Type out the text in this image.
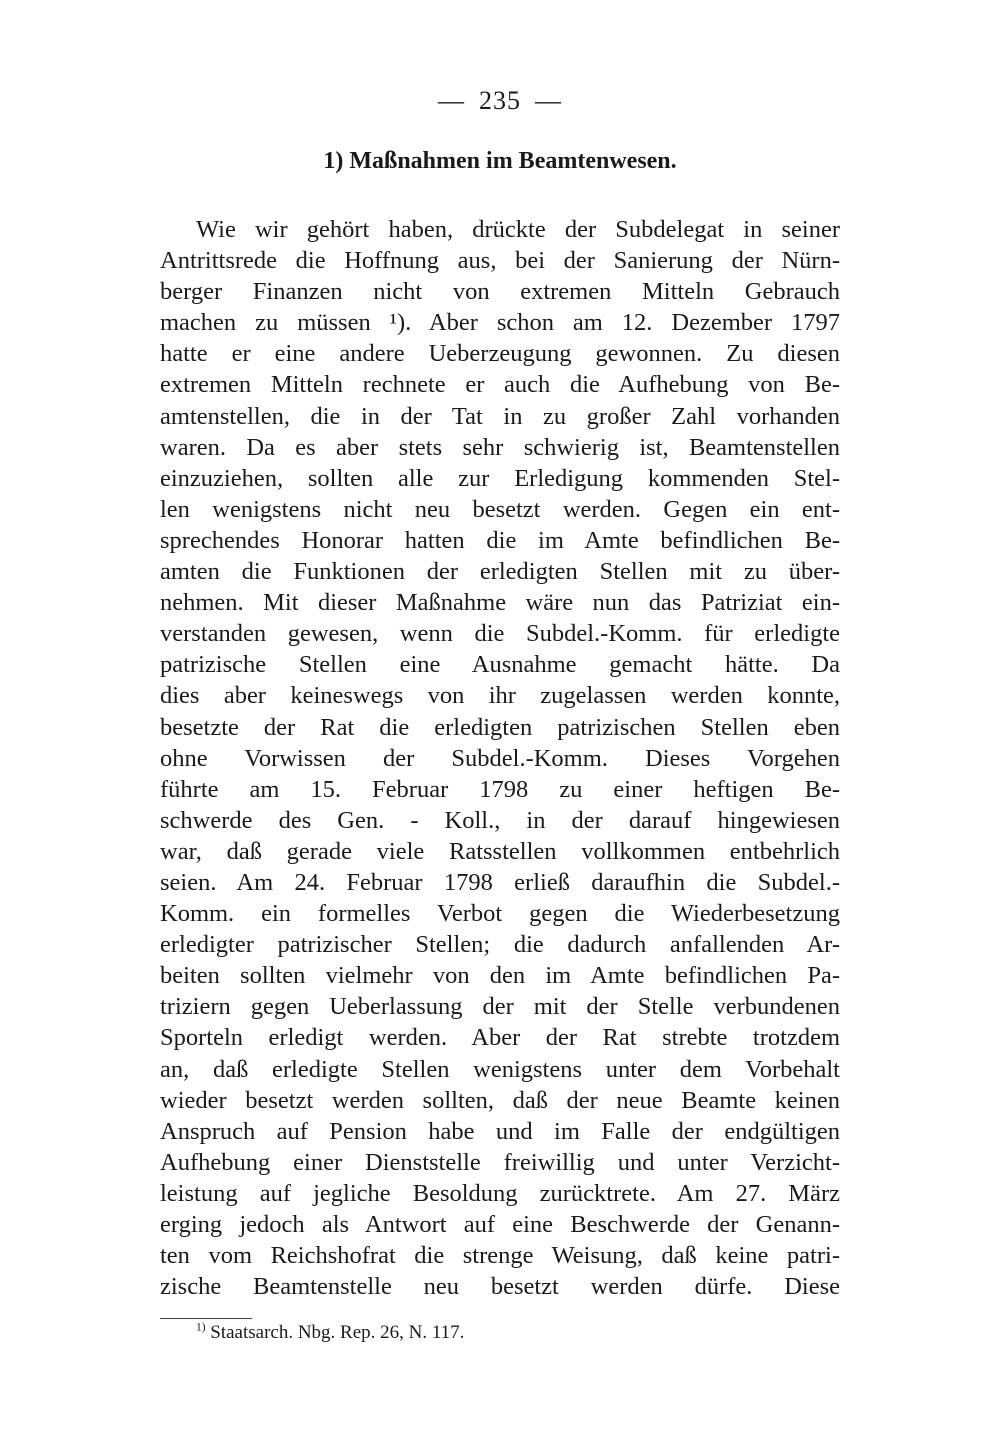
— 235 —
1) Maßnahmen im Beamtenwesen.
Wie wir gehört haben, drückte der Subdelegat in seiner
Antrittsrede die Hoffnung aus, bei der Sanierung der Nürn-
berger Finanzen nicht von extremen Mitteln Gebrauch
machen zu müssen ¹). Aber schon am 12. Dezember 1797
hatte er eine andere Ueberzeugung gewonnen. Zu diesen
extremen Mitteln rechnete er auch die Aufhebung von Be-
amtenstellen, die in der Tat in zu großer Zahl vorhanden
waren. Da es aber stets sehr schwierig ist, Beamtenstellen
einzuziehen, sollten alle zur Erledigung kommenden Stel-
len wenigstens nicht neu besetzt werden. Gegen ein ent-
sprechendes Honorar hatten die im Amte befindlichen Be-
amten die Funktionen der erledigten Stellen mit zu über-
nehmen. Mit dieser Maßnahme wäre nun das Patriziat ein-
verstanden gewesen, wenn die Subdel.-Komm. für erledigte
patrizische Stellen eine Ausnahme gemacht hätte. Da
dies aber keineswegs von ihr zugelassen werden konnte,
besetzte der Rat die erledigten patrizischen Stellen eben
ohne Vorwissen der Subdel.-Komm. Dieses Vorgehen
führte am 15. Februar 1798 zu einer heftigen Be-
schwerde des Gen. - Koll., in der darauf hingewiesen
war, daß gerade viele Ratsstellen vollkommen entbehrlich
seien. Am 24. Februar 1798 erließ daraufhin die Subdel.-
Komm. ein formelles Verbot gegen die Wiederbesetzung
erledigter patrizischer Stellen; die dadurch anfallenden Ar-
beiten sollten vielmehr von den im Amte befindlichen Pa-
triziern gegen Ueberlassung der mit der Stelle verbundenen
Sporteln erledigt werden. Aber der Rat strebte trotzdem
an, daß erledigte Stellen wenigstens unter dem Vorbehalt
wieder besetzt werden sollten, daß der neue Beamte keinen
Anspruch auf Pension habe und im Falle der endgültigen
Aufhebung einer Dienststelle freiwillig und unter Verzicht-
leistung auf jegliche Besoldung zurücktrete. Am 27. März
erging jedoch als Antwort auf eine Beschwerde der Genann-
ten vom Reichshofrat die strenge Weisung, daß keine patri-
zische Beamtenstelle neu besetzt werden dürfe. Diese
$^{1)}$ Staatsarch. Nbg. Rep. 26, N. 117.
